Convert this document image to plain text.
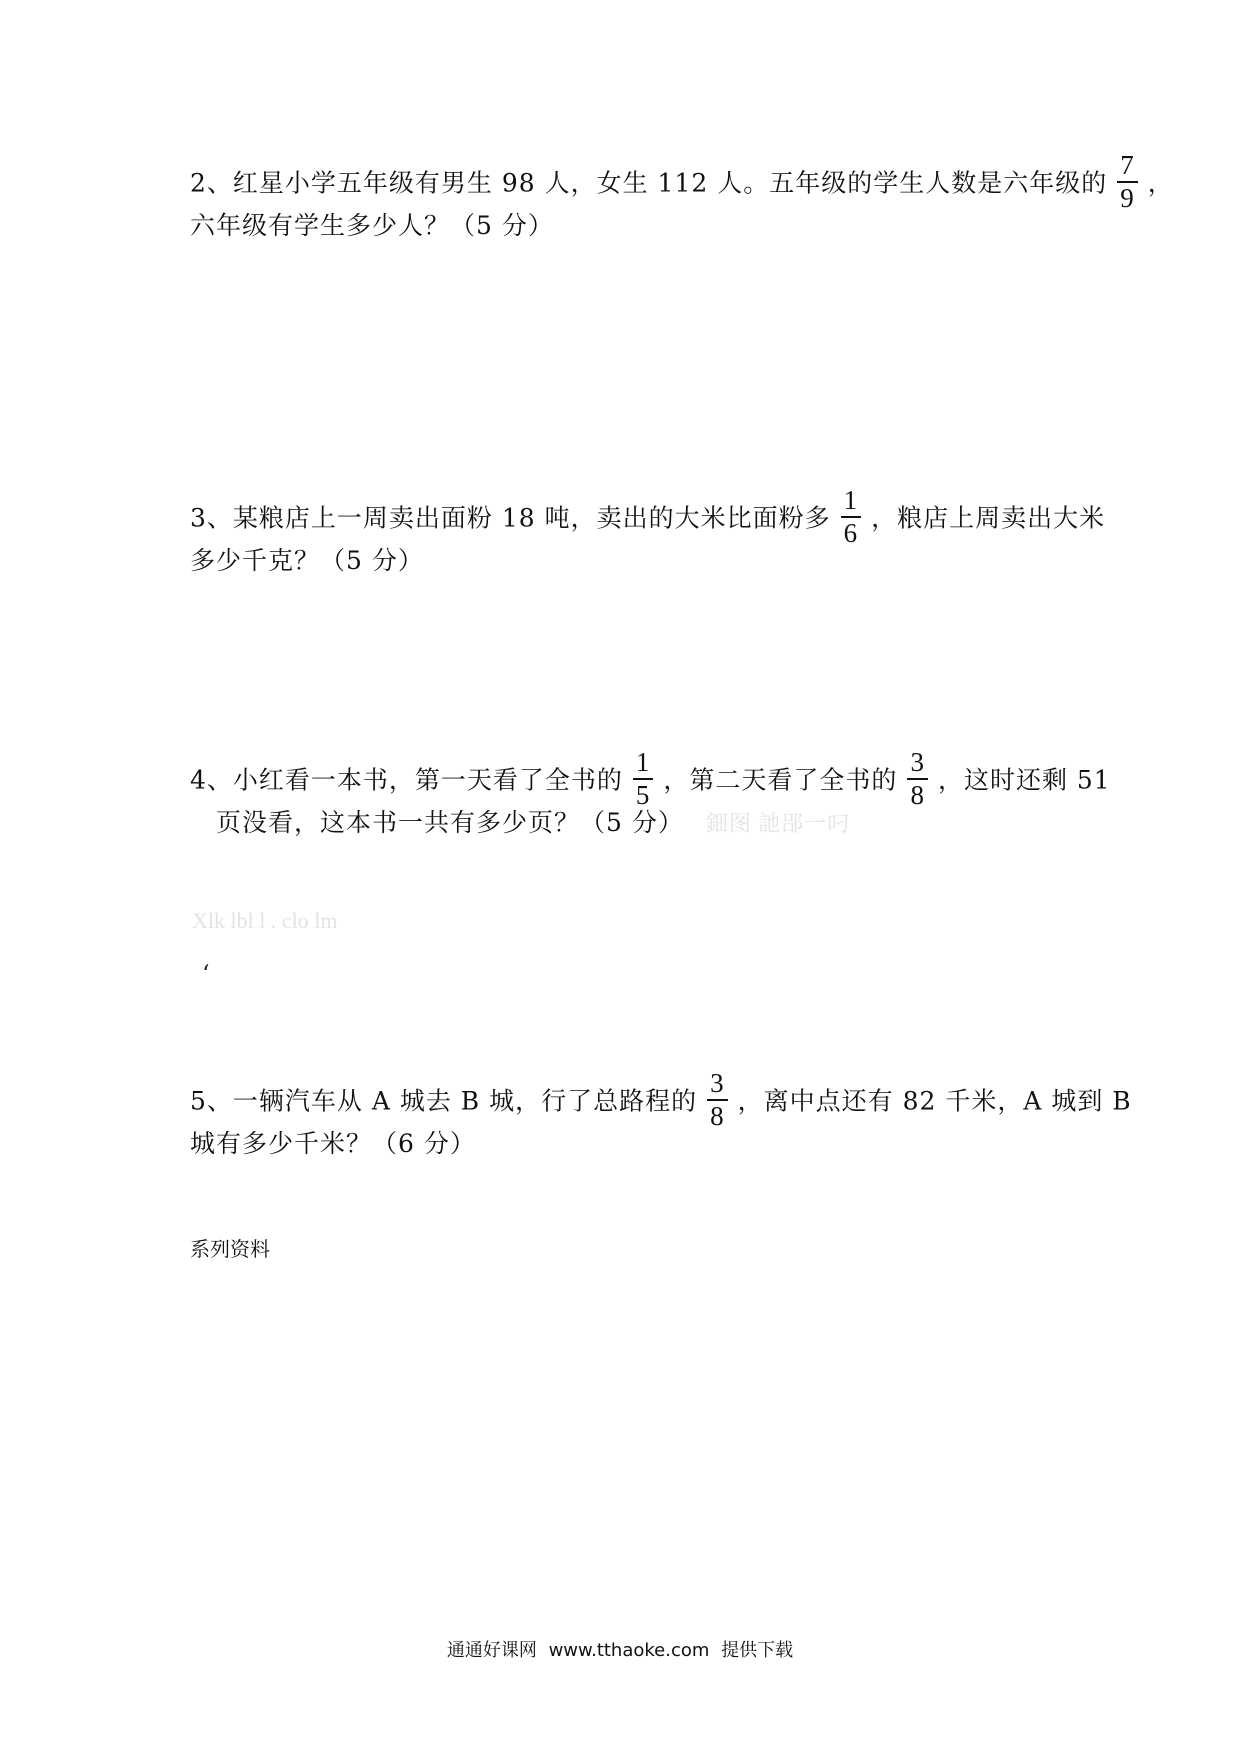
2、红星小学五年级有男生 98 人，女生 112 人。五年级的学生人数是六年级的 $\frac{7}{9}$ ，
六年级有学生多少人？（5 分）
3、某粮店上一周卖出面粉 18 吨，卖出的大米比面粉多 $\frac{1}{6}$ ，粮店上周卖出大米
多少千克？（5 分）
4、小红看一本书，第一天看了全书的 $\frac{1}{5}$ ，第二天看了全书的 $\frac{3}{8}$ ，这时还剩 51
页没看，这本书一共有多少页？（5 分） 鈿图 訑郘一叼
Xlk lbl l . clo lm
‘
5、一辆汽车从 A 城去 B 城，行了总路程的 $\frac{3}{8}$ ，离中点还有 82 千米，A 城到 B
城有多少千米？（6 分）
系列资料
通通好课网 www.tthaoke.com 提供下载
